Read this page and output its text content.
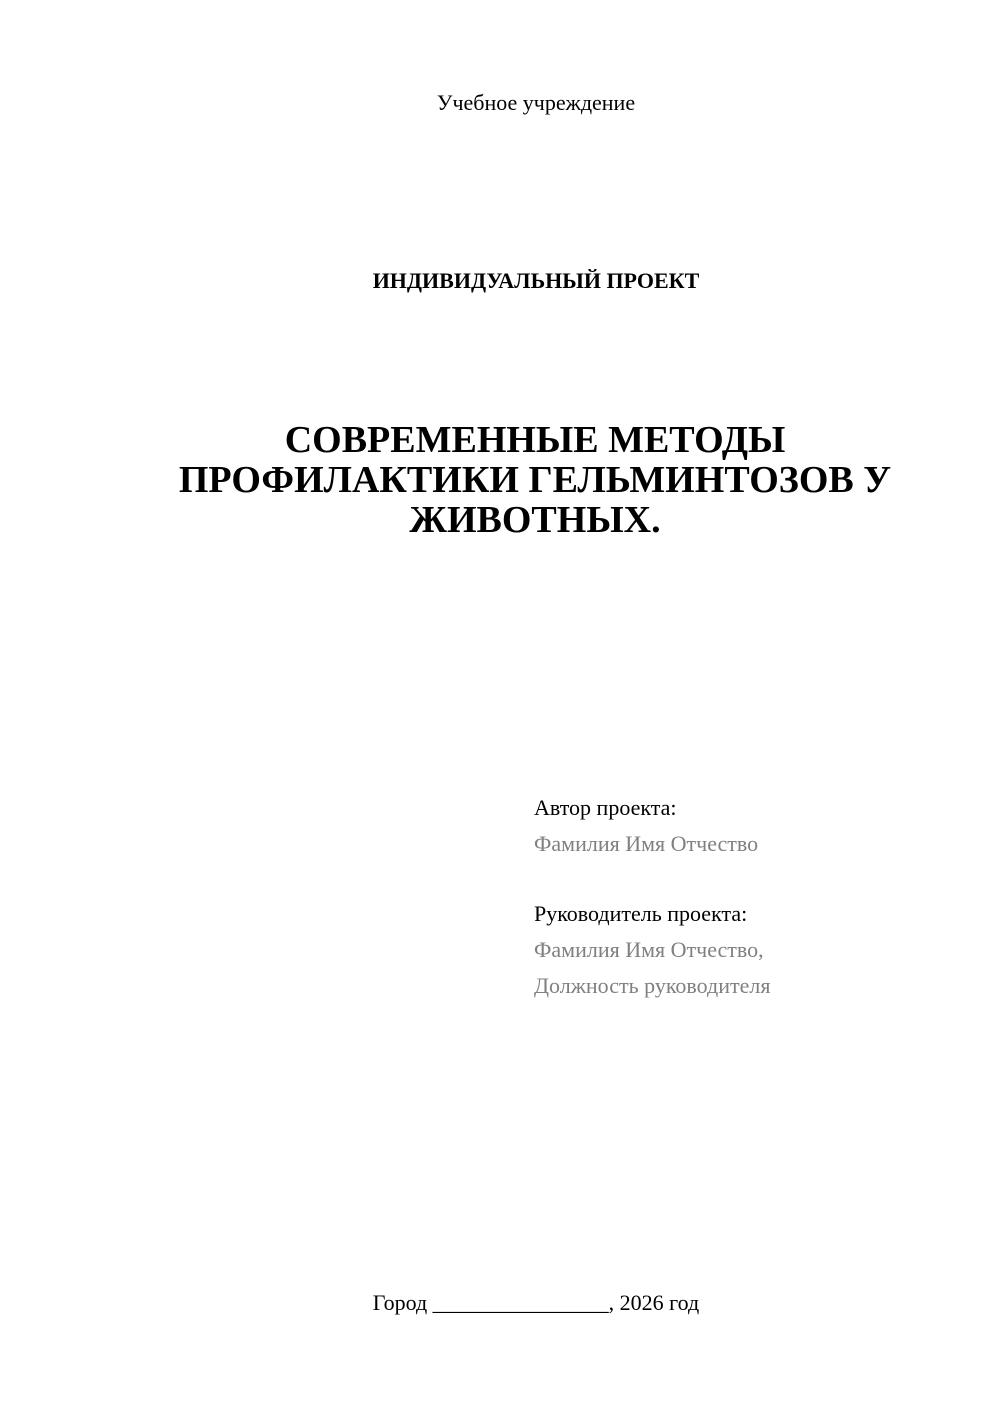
Учебное учреждение
ИНДИВИДУАЛЬНЫЙ ПРОЕКТ
СОВРЕМЕННЫЕ МЕТОДЫ
ПРОФИЛАКТИКИ ГЕЛЬМИНТОЗОВ У
ЖИВОТНЫХ.
Автор проекта:
Фамилия Имя Отчество
Руководитель проекта:
Фамилия Имя Отчество,
Должность руководителя
Город ________________, 2026 год
